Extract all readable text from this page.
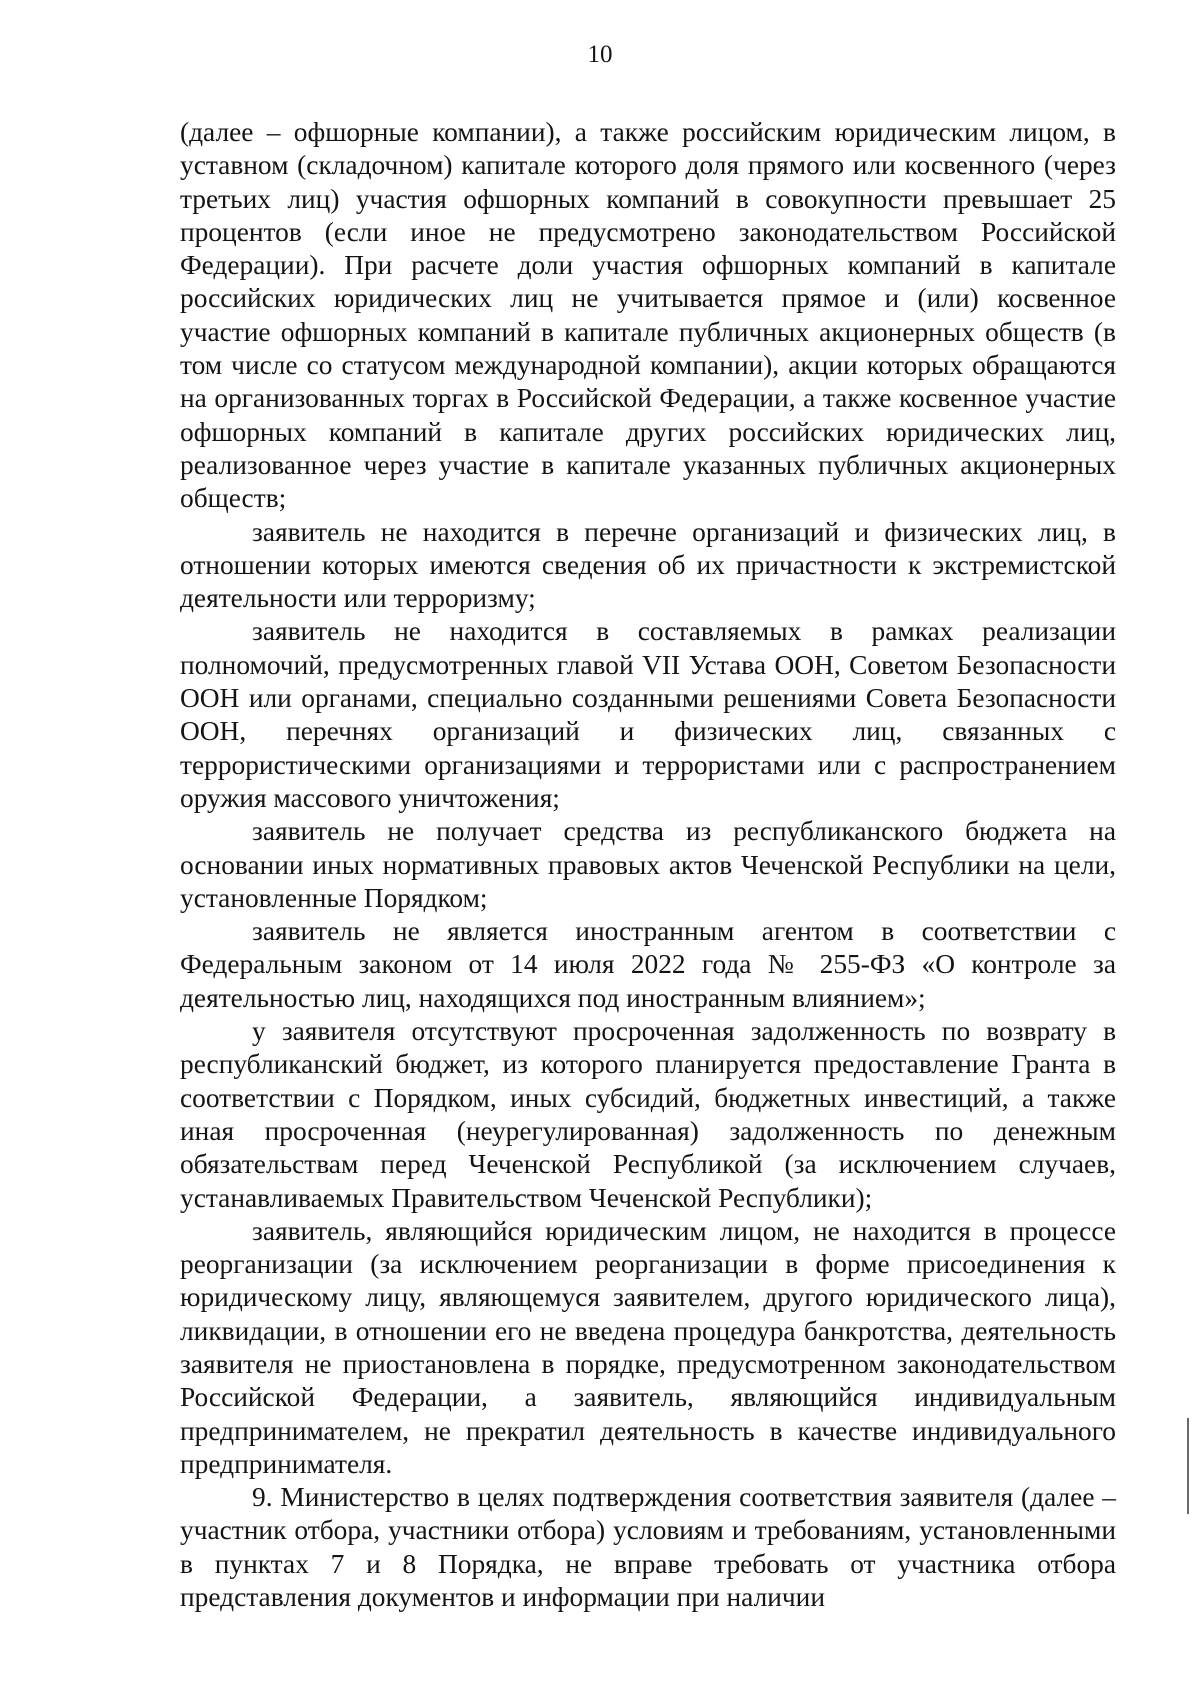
10

(далее – офшорные компании), а также российским юридическим лицом, в уставном (складочном) капитале которого доля прямого или косвенного (через третьих лиц) участия офшорных компаний в совокупности превышает 25 процентов (если иное не предусмотрено законодательством Российской Федерации). При расчете доли участия офшорных компаний в капитале российских юридических лиц не учитывается прямое и (или) косвенное участие офшорных компаний в капитале публичных акционерных обществ (в том числе со статусом международной компании), акции которых обращаются на организованных торгах в Российской Федерации, а также косвенное участие офшорных компаний в капитале других российских юридических лиц, реализованное через участие в капитале указанных публичных акционерных обществ;

заявитель не находится в перечне организаций и физических лиц, в отношении которых имеются сведения об их причастности к экстремистской деятельности или терроризму;

заявитель не находится в составляемых в рамках реализации полномочий, предусмотренных главой VII Устава ООН, Советом Безопасности ООН или органами, специально созданными решениями Совета Безопасности ООН, перечнях организаций и физических лиц, связанных с террористическими организациями и террористами или с распространением оружия массового уничтожения;

заявитель не получает средства из республиканского бюджета на основании иных нормативных правовых актов Чеченской Республики на цели, установленные Порядком;

заявитель не является иностранным агентом в соответствии с Федеральным законом от 14 июля 2022 года № 255-ФЗ «О контроле за деятельностью лиц, находящихся под иностранным влиянием»;

у заявителя отсутствуют просроченная задолженность по возврату в республиканский бюджет, из которого планируется предоставление Гранта в соответствии с Порядком, иных субсидий, бюджетных инвестиций, а также иная просроченная (неурегулированная) задолженность по денежным обязательствам перед Чеченской Республикой (за исключением случаев, устанавливаемых Правительством Чеченской Республики);

заявитель, являющийся юридическим лицом, не находится в процессе реорганизации (за исключением реорганизации в форме присоединения к юридическому лицу, являющемуся заявителем, другого юридического лица), ликвидации, в отношении его не введена процедура банкротства, деятельность заявителя не приостановлена в порядке, предусмотренном законодательством Российской Федерации, а заявитель, являющийся индивидуальным предпринимателем, не прекратил деятельность в качестве индивидуального предпринимателя.

9. Министерство в целях подтверждения соответствия заявителя (далее – участник отбора, участники отбора) условиям и требованиям, установленными в пунктах 7 и 8 Порядка, не вправе требовать от участника отбора представления документов и информации при наличии
